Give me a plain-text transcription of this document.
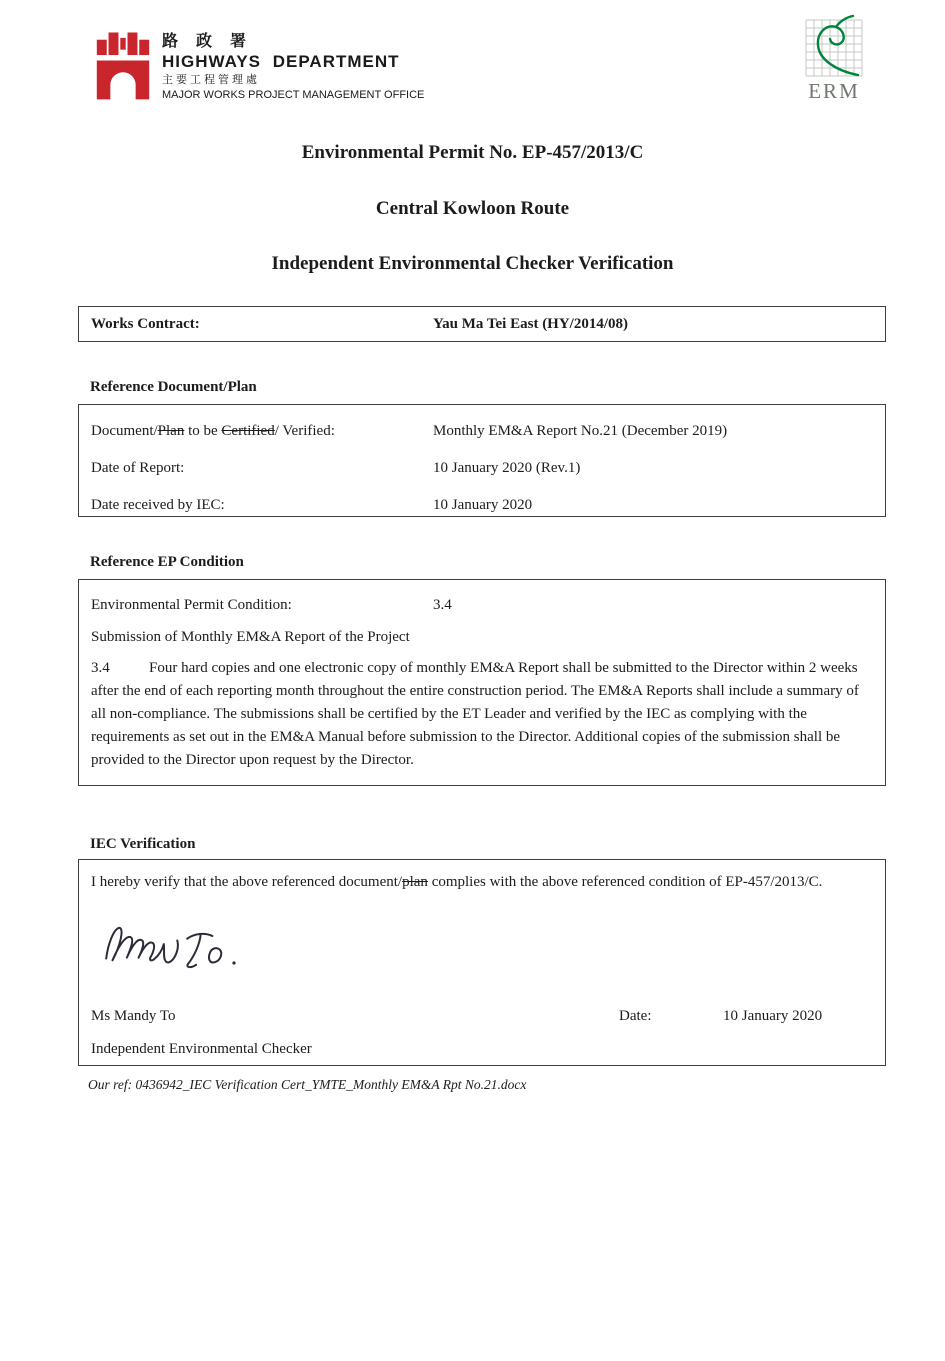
路 政 署
HIGHWAYS DEPARTMENT
主要工程管理處
MAJOR WORKS PROJECT MANAGEMENT OFFICE	ERM
Environmental Permit No. EP-457/2013/C
Central Kowloon Route
Independent Environmental Checker Verification
Works Contract:	Yau Ma Tei East (HY/2014/08)
Reference Document/Plan
Document/Plan to be Certified/ Verified:	Monthly EM&A Report No.21 (December 2019)
Date of Report:	10 January 2020 (Rev.1)
Date received by IEC:	10 January 2020
Reference EP Condition
Environmental Permit Condition:	3.4
Submission of Monthly EM&A Report of the Project

3.4	Four hard copies and one electronic copy of monthly EM&A Report shall be submitted to the Director within 2 weeks after the end of each reporting month throughout the entire construction period. The EM&A Reports shall include a summary of all non-compliance. The submissions shall be certified by the ET Leader and verified by the IEC as complying with the requirements as set out in the EM&A Manual before submission to the Director. Additional copies of the submission shall be provided to the Director upon request by the Director.

IEC Verification
I hereby verify that the above referenced document/plan complies with the above referenced condition of EP-457/2013/C.
Ms Mandy To	Date:	10 January 2020
Independent Environmental Checker
Our ref: 0436942_IEC Verification Cert_YMTE_Monthly EM&A Rpt No.21.docx
